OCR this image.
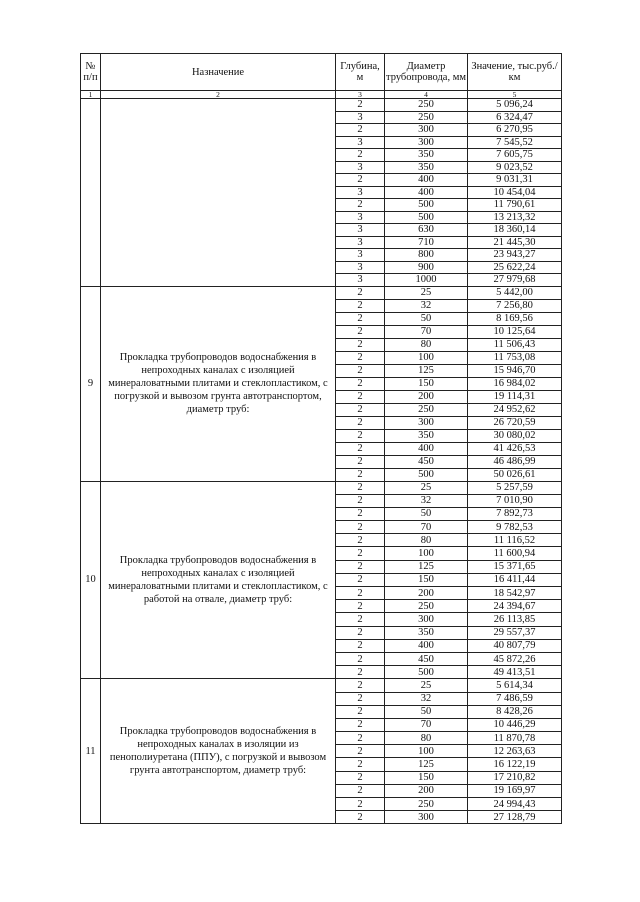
№ п/п	Назначение	Глубина, м	Диаметр трубопровода, мм	Значение, тыс.руб./км
1	2	3	4	5
		2	250	5 096,24
		3	250	6 324,47
		2	300	6 270,95
		3	300	7 545,52
		2	350	7 605,75
		3	350	9 023,52
		2	400	9 031,31
		3	400	10 454,04
		2	500	11 790,61
		3	500	13 213,32
		3	630	18 360,14
		3	710	21 445,30
		3	800	23 943,27
		3	900	25 622,24
		3	1000	27 979,68
9	Прокладка трубопроводов водоснабжения в непроходных каналах с изоляцией минераловатными плитами и стеклопластиком, с погрузкой и вывозом грунта автотранспортом, диаметр труб:	2	25	5 442,00
		2	32	7 256,80
		2	50	8 169,56
		2	70	10 125,64
		2	80	11 506,43
		2	100	11 753,08
		2	125	15 946,70
		2	150	16 984,02
		2	200	19 114,31
		2	250	24 952,62
		2	300	26 720,59
		2	350	30 080,02
		2	400	41 426,53
		2	450	46 486,99
		2	500	50 026,61
10	Прокладка трубопроводов водоснабжения в непроходных каналах с изоляцией минераловатными плитами и стеклопластиком, с работой на отвале, диаметр труб:	2	25	5 257,59
		2	32	7 010,90
		2	50	7 892,73
		2	70	9 782,53
		2	80	11 116,52
		2	100	11 600,94
		2	125	15 371,65
		2	150	16 411,44
		2	200	18 542,97
		2	250	24 394,67
		2	300	26 113,85
		2	350	29 557,37
		2	400	40 807,79
		2	450	45 872,26
		2	500	49 413,51
11	Прокладка трубопроводов водоснабжения в непроходных каналах в изоляции из пенополиуретана (ППУ), с погрузкой и вывозом грунта автотранспортом, диаметр труб:	2	25	5 614,34
		2	32	7 486,59
		2	50	8 428,26
		2	70	10 446,29
		2	80	11 870,78
		2	100	12 263,63
		2	125	16 122,19
		2	150	17 210,82
		2	200	19 169,97
		2	250	24 994,43
		2	300	27 128,79
